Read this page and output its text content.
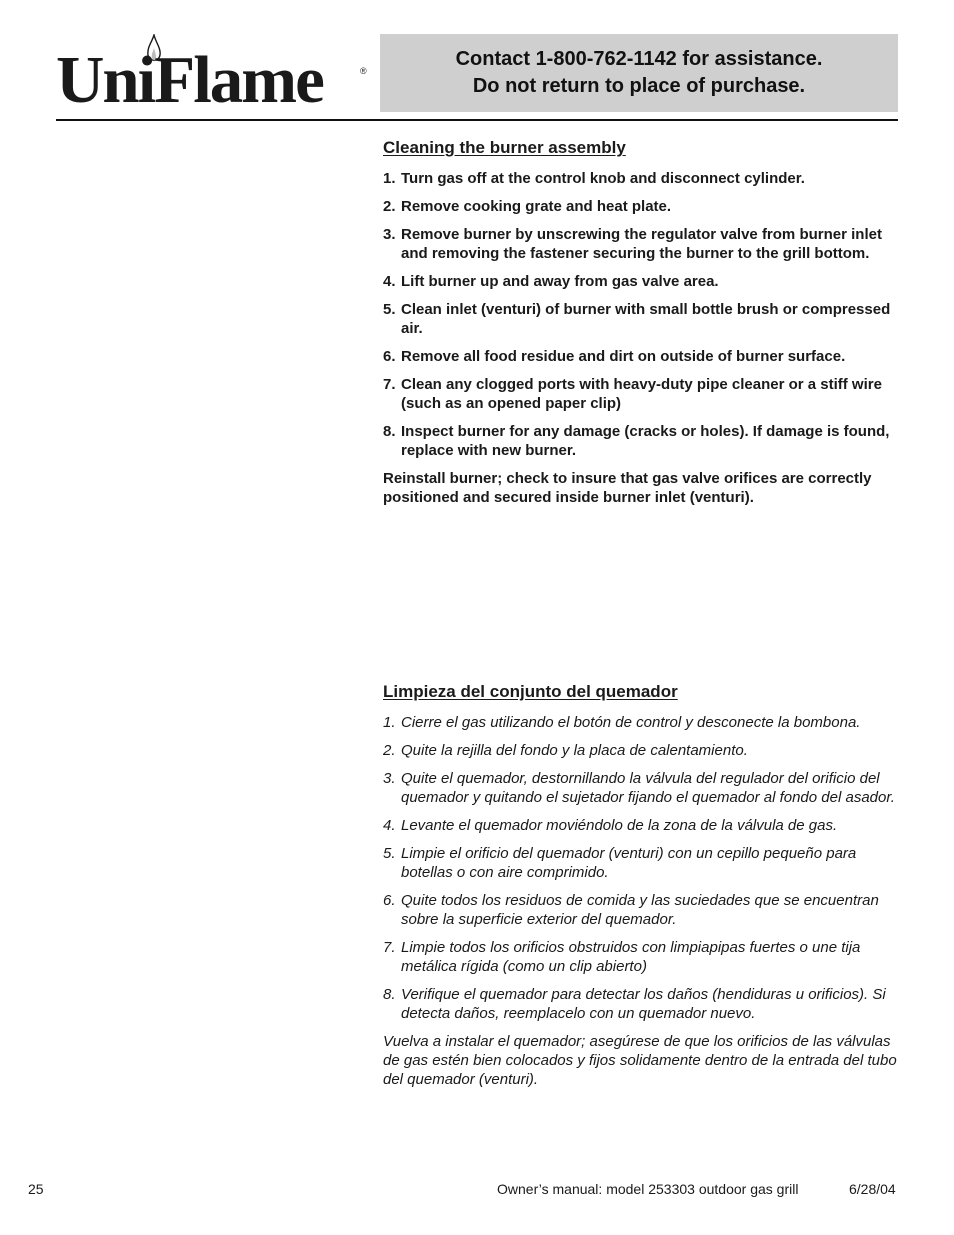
UniFlame	®
Contact 1-800-762-1142 for assistance.
Do not return to place of purchase.
Cleaning the burner assembly
1. Turn gas off at the control knob and disconnect cylinder.
2. Remove cooking grate and heat plate.
3. Remove burner by unscrewing the regulator valve from burner inlet and removing the fastener securing the burner to the grill bottom.
4. Lift burner up and away from gas valve area.
5. Clean inlet (venturi) of burner with small bottle brush or compressed air.
6. Remove all food residue and dirt on outside of burner surface.
7. Clean any clogged ports with heavy-duty pipe cleaner or a stiff wire (such as an opened paper clip)
8. Inspect burner for any damage (cracks or holes). If damage is found, replace with new burner.

Reinstall burner; check to insure that gas valve orifices are correctly positioned and secured inside burner inlet (venturi).

Limpieza del conjunto del quemador
1. Cierre el gas utilizando el botón de control y desconecte la bombona.
2. Quite la rejilla del fondo y la placa de calentamiento.
3. Quite el quemador, destornillando la válvula del regulador del orificio del quemador y quitando el sujetador fijando el quemador al fondo del asador.
4. Levante el quemador moviéndolo de la zona de la válvula de gas.
5. Limpie el orificio del quemador (venturi) con un cepillo pequeño para botellas o con aire comprimido.
6. Quite todos los residuos de comida y las suciedades que se encuentran sobre la superficie exterior del quemador.
7. Limpie todos los orificios obstruidos con limpiapipas fuertes o une tija metálica rígida (como un clip abierto)
8. Verifique el quemador para detectar los daños (hendiduras u orificios). Si detecta daños, reemplacelo con un quemador nuevo.

Vuelva a instalar el quemador; asegúrese de que los orificios de las válvulas de gas estén bien colocados y fijos solidamente dentro de la entrada del tubo del quemador (venturi).

25	Owner’s manual: model 253303 outdoor gas grill	6/28/04
